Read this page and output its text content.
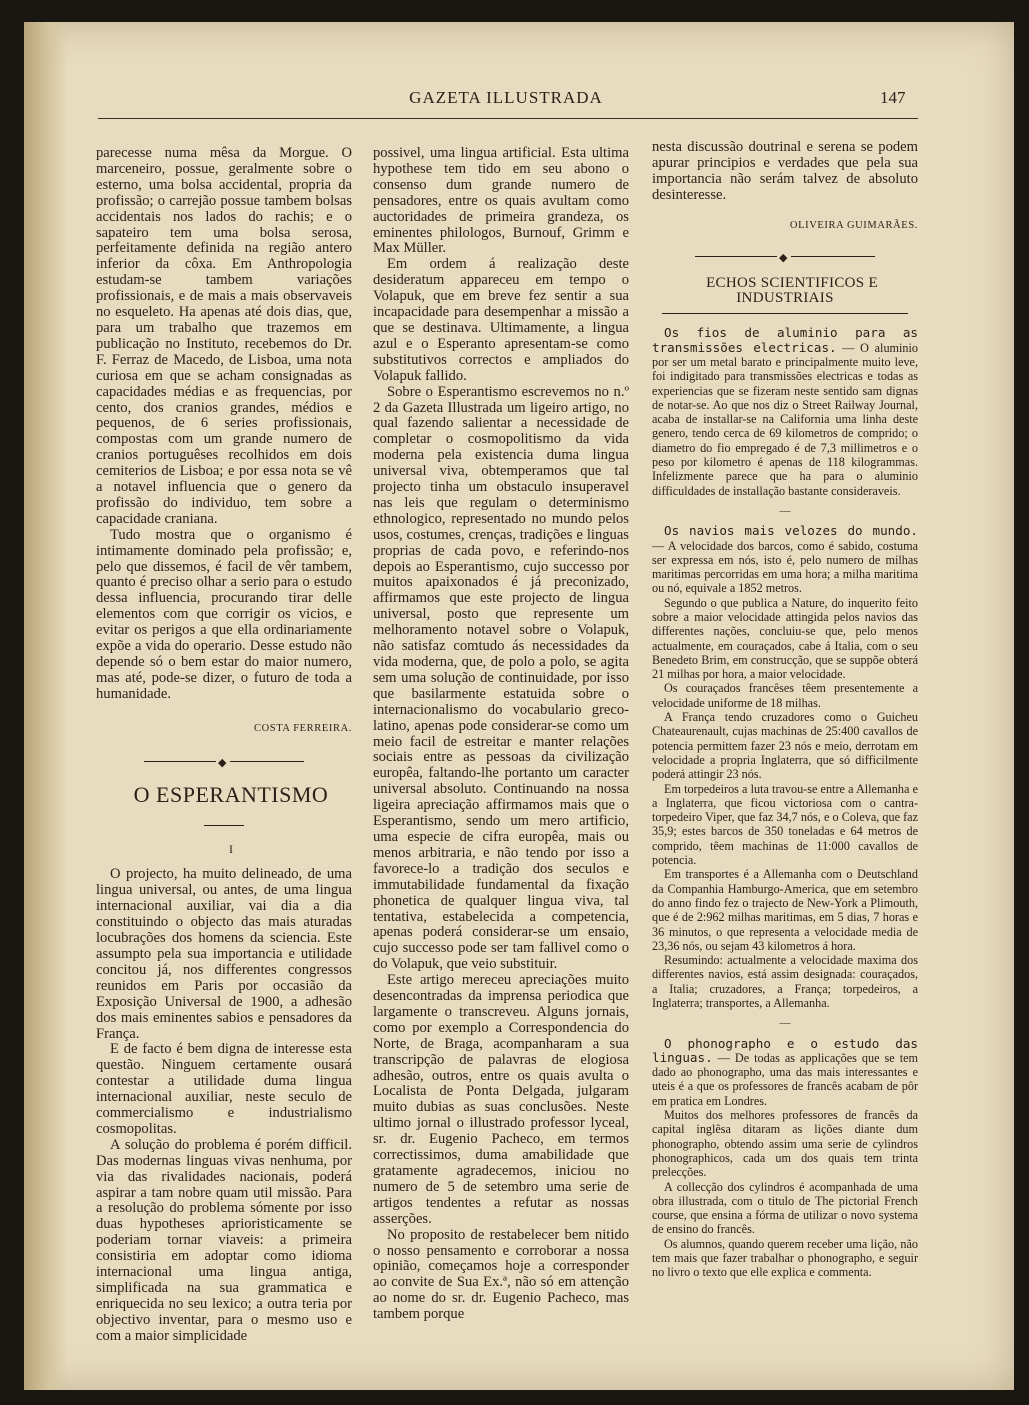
GAZETA ILLUSTRADA	147

parecesse numa mêsa da Morgue. O marceneiro, possue, geralmente sobre o esterno, uma bolsa accidental, propria da profissão; o carrejão possue tambem bolsas accidentais nos lados do rachis; e o sapateiro tem uma bolsa serosa, perfeitamente definida na região antero inferior da côxa. Em Anthropologia estudam-se tambem variações profissionais, e de mais a mais observaveis no esqueleto. Ha apenas até dois dias, que, para um trabalho que trazemos em publicação no Instituto, recebemos do Dr. F. Ferraz de Macedo, de Lisboa, uma nota curiosa em que se acham consignadas as capacidades médias e as frequencias, por cento, dos cranios grandes, médios e pequenos, de 6 series profissionais, compostas com um grande numero de cranios portuguêses recolhidos em dois cemiterios de Lisboa; e por essa nota se vê a notavel influencia que o genero da profissão do individuo, tem sobre a capacidade craniana.

Tudo mostra que o organismo é intimamente dominado pela profissão; e, pelo que dissemos, é facil de vêr tambem, quanto é preciso olhar a serio para o estudo dessa influencia, procurando tirar delle elementos com que corrigir os vicios, e evitar os perigos a que ella ordinariamente expõe a vida do operario. Desse estudo não depende só o bem estar do maior numero, mas até, pode-se dizer, o futuro de toda a humanidade.

COSTA FERREIRA.

◆

O ESPERANTISMO

I

O projecto, ha muito delineado, de uma lingua universal, ou antes, de uma lingua internacional auxiliar, vai dia a dia constituindo o objecto das mais aturadas locubrações dos homens da sciencia. Este assumpto pela sua importancia e utilidade concitou já, nos differentes congressos reunidos em Paris por occasião da Exposição Universal de 1900, a adhesão dos mais eminentes sabios e pensadores da França.

E de facto é bem digna de interesse esta questão. Ninguem certamente ousará contestar a utilidade duma lingua internacional auxiliar, neste seculo de commercialismo e industrialismo cosmopolitas.

A solução do problema é porém difficil. Das modernas linguas vivas nenhuma, por via das rivalidades nacionais, poderá aspirar a tam nobre quam util missão. Para a resolução do problema sómente por isso duas hypotheses aprioristicamente se poderiam tornar viaveis: a primeira consistiria em adoptar como idioma internacional uma lingua antiga, simplificada na sua grammatica e enriquecida no seu lexico; a outra teria por objectivo inventar, para o mesmo uso e com a maior simplicidade

possivel, uma lingua artificial. Esta ultima hypothese tem tido em seu abono o consenso dum grande numero de pensadores, entre os quais avultam como auctoridades de primeira grandeza, os eminentes philologos, Burnouf, Grimm e Max Müller.

Em ordem á realização deste desideratum appareceu em tempo o Volapuk, que em breve fez sentir a sua incapacidade para desempenhar a missão a que se destinava. Ultimamente, a lingua azul e o Esperanto apresentam-se como substitutivos correctos e ampliados do Volapuk fallido.

Sobre o Esperantismo escrevemos no n.º 2 da Gazeta Illustrada um ligeiro artigo, no qual fazendo salientar a necessidade de completar o cosmopolitismo da vida moderna pela existencia duma lingua universal viva, obtemperamos que tal projecto tinha um obstaculo insuperavel nas leis que regulam o determinismo ethnologico, representado no mundo pelos usos, costumes, crenças, tradições e linguas proprias de cada povo, e referindo-nos depois ao Esperantismo, cujo successo por muitos apaixonados é já preconizado, affirmamos que este projecto de lingua universal, posto que represente um melhoramento notavel sobre o Volapuk, não satisfaz comtudo ás necessidades da vida moderna, que, de polo a polo, se agita sem uma solução de continuidade, por isso que basilarmente estatuida sobre o internacionalismo do vocabulario greco-latino, apenas pode considerar-se como um meio facil de estreitar e manter relações sociais entre as pessoas da civilização europêa, faltando-lhe portanto um caracter universal absoluto. Continuando na nossa ligeira apreciação affirmamos mais que o Esperantismo, sendo um mero artificio, uma especie de cifra europêa, mais ou menos arbitraria, e não tendo por isso a favorece-lo a tradição dos seculos e immutabilidade fundamental da fixação phonetica de qualquer lingua viva, tal tentativa, estabelecida a competencia, apenas poderá considerar-se um ensaio, cujo successo pode ser tam fallivel como o do Volapuk, que veio substituir.

Este artigo mereceu apreciações muito desencontradas da imprensa periodica que largamente o transcreveu. Alguns jornais, como por exemplo a Correspondencia do Norte, de Braga, acompanharam a sua transcripção de palavras de elogiosa adhesão, outros, entre os quais avulta o Localista de Ponta Delgada, julgaram muito dubias as suas conclusões. Neste ultimo jornal o illustrado professor lyceal, sr. dr. Eugenio Pacheco, em termos correctissimos, duma amabilidade que gratamente agradecemos, iniciou no numero de 5 de setembro uma serie de artigos tendentes a refutar as nossas asserções.

No proposito de restabelecer bem nitido o nosso pensamento e corroborar a nossa opinião, começamos hoje a corresponder ao convite de Sua Ex.ª, não só em attenção ao nome do sr. dr. Eugenio Pacheco, mas tambem porque

nesta discussão doutrinal e serena se podem apurar principios e verdades que pela sua importancia não serám talvez de absoluto desinteresse.

OLIVEIRA GUIMARÃES.

◆

ECHOS SCIENTIFICOS E INDUSTRIAIS

Os fios de aluminio para as transmissões electricas. — O aluminio por ser um metal barato e principalmente muito leve, foi indigitado para transmissões electricas e todas as experiencias que se fizeram neste sentido sam dignas de notar-se. Ao que nos diz o Street Railway Journal, acaba de installar-se na California uma linha deste genero, tendo cerca de 69 kilometros de comprido; o diametro do fio empregado é de 7,3 millimetros e o peso por kilometro é apenas de 118 kilogrammas. Infelizmente parece que ha para o aluminio difficuldades de installação bastante consideraveis.

—

Os navios mais velozes do mundo. — A velocidade dos barcos, como é sabido, costuma ser expressa em nós, isto é, pelo numero de milhas maritimas percorridas em uma hora; a milha maritima ou nó, equivale a 1852 metros.

Segundo o que publica a Nature, do inquerito feito sobre a maior velocidade attingida pelos navios das differentes nações, concluiu-se que, pelo menos actualmente, em couraçados, cabe á Italia, com o seu Benedeto Brim, em construcção, que se suppõe obterá 21 milhas por hora, a maior velocidade.

Os couraçados francêses têem presentemente a velocidade uniforme de 18 milhas.

A França tendo cruzadores como o Guicheu Chateaurenault, cujas machinas de 25:400 cavallos de potencia permittem fazer 23 nós e meio, derrotam em velocidade a propria Inglaterra, que só difficilmente poderá attingir 23 nós.

Em torpedeiros a luta travou-se entre a Allemanha e a Inglaterra, que ficou victoriosa com o cantra-torpedeiro Viper, que faz 34,7 nós, e o Coleva, que faz 35,9; estes barcos de 350 toneladas e 64 metros de comprido, têem machinas de 11:000 cavallos de potencia.

Em transportes é a Allemanha com o Deutschland da Companhia Hamburgo-America, que em setembro do anno findo fez o trajecto de New-York a Plimouth, que é de 2:962 milhas maritimas, em 5 dias, 7 horas e 36 minutos, o que representa a velocidade media de 23,36 nós, ou sejam 43 kilometros á hora.

Resumindo: actualmente a velocidade maxima dos differentes navios, está assim designada: couraçados, a Italia; cruzadores, a França; torpedeiros, a Inglaterra; transportes, a Allemanha.

—

O phonographo e o estudo das linguas. — De todas as applicações que se tem dado ao phonographo, uma das mais interessantes e uteis é a que os professores de francês acabam de pôr em pratica em Londres.

Muitos dos melhores professores de francês da capital inglêsa ditaram as lições diante dum phonographo, obtendo assim uma serie de cylindros phonographicos, cada um dos quais tem trinta prelecções.

A collecção dos cylindros é acompanhada de uma obra illustrada, com o titulo de The pictorial French course, que ensina a fórma de utilizar o novo systema de ensino do francês.

Os alumnos, quando querem receber uma lição, não tem mais que fazer trabalhar o phonographo, e seguir no livro o texto que elle explica e commenta.
